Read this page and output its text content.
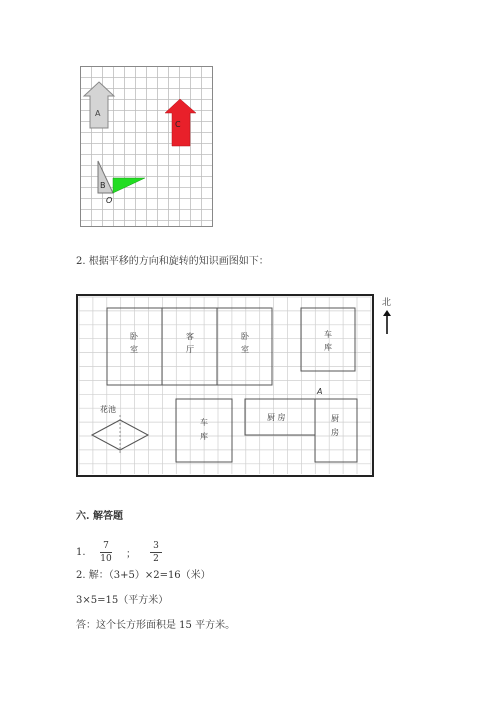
A
C
B
O
2. 根据平移的方向和旋转的知识画图如下：
卧
室
客
厅
卧
室
车
库
花池
车
库
厨 房	厨
房
A
北
六. 解答题
1.	$\frac{7}{10}$ ； $\frac{3}{2}$
2. 解：（3+5）×2=16（米）
3×5=15（平方米）
答：这个长方形面积是 15 平方米。
